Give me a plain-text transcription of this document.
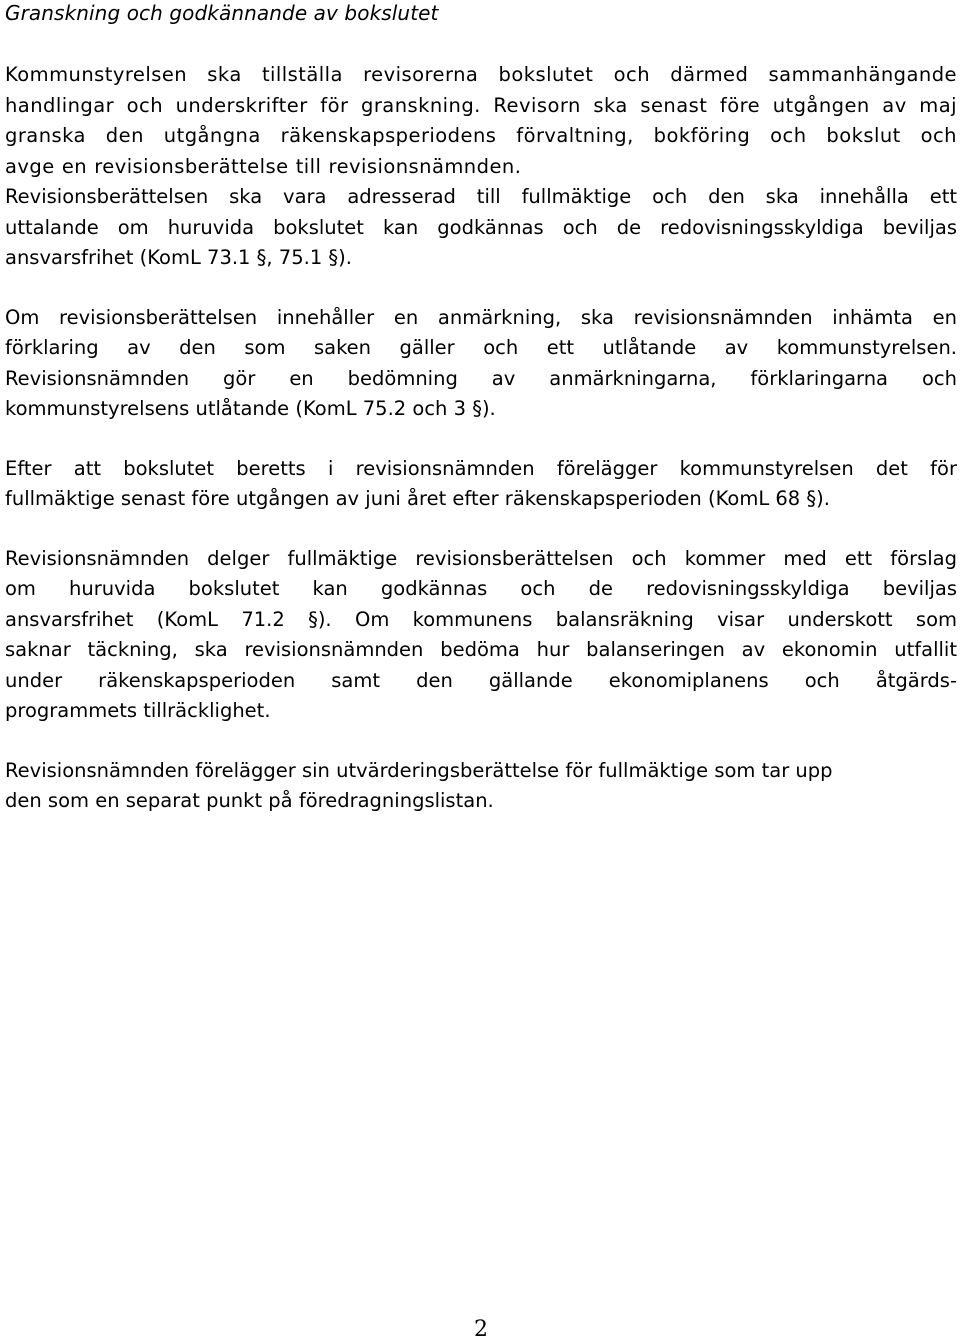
Granskning och godkännande av bokslutet
Kommunstyrelsen ska tillställa revisorerna bokslutet och därmed sammanhängande
handlingar och underskrifter för granskning. Revisorn ska senast före utgången av maj
granska den utgångna räkenskapsperiodens förvaltning, bokföring och bokslut och
avge en revisionsberättelse till revisionsnämnden.
Revisionsberättelsen ska vara adresserad till fullmäktige och den ska innehålla ett
uttalande om huruvida bokslutet kan godkännas och de redovisningsskyldiga beviljas
ansvarsfrihet (KomL 73.1 §, 75.1 §).
Om revisionsberättelsen innehåller en anmärkning, ska revisionsnämnden inhämta en
förklaring av den som saken gäller och ett utlåtande av kommunstyrelsen.
Revisionsnämnden gör en bedömning av anmärkningarna, förklaringarna och
kommunstyrelsens utlåtande (KomL 75.2 och 3 §).
Efter att bokslutet beretts i revisionsnämnden förelägger kommunstyrelsen det för
fullmäktige senast före utgången av juni året efter räkenskapsperioden (KomL 68 §).
Revisionsnämnden delger fullmäktige revisionsberättelsen och kommer med ett förslag
om huruvida bokslutet kan godkännas och de redovisningsskyldiga beviljas
ansvarsfrihet (KomL 71.2 §). Om kommunens balansräkning visar underskott som
saknar täckning, ska revisionsnämnden bedöma hur balanseringen av ekonomin utfallit
under räkenskapsperioden samt den gällande ekonomiplanens och åtgärds-
programmets tillräcklighet.
Revisionsnämnden förelägger sin utvärderingsberättelse för fullmäktige som tar upp
den som en separat punkt på föredragningslistan.
2
